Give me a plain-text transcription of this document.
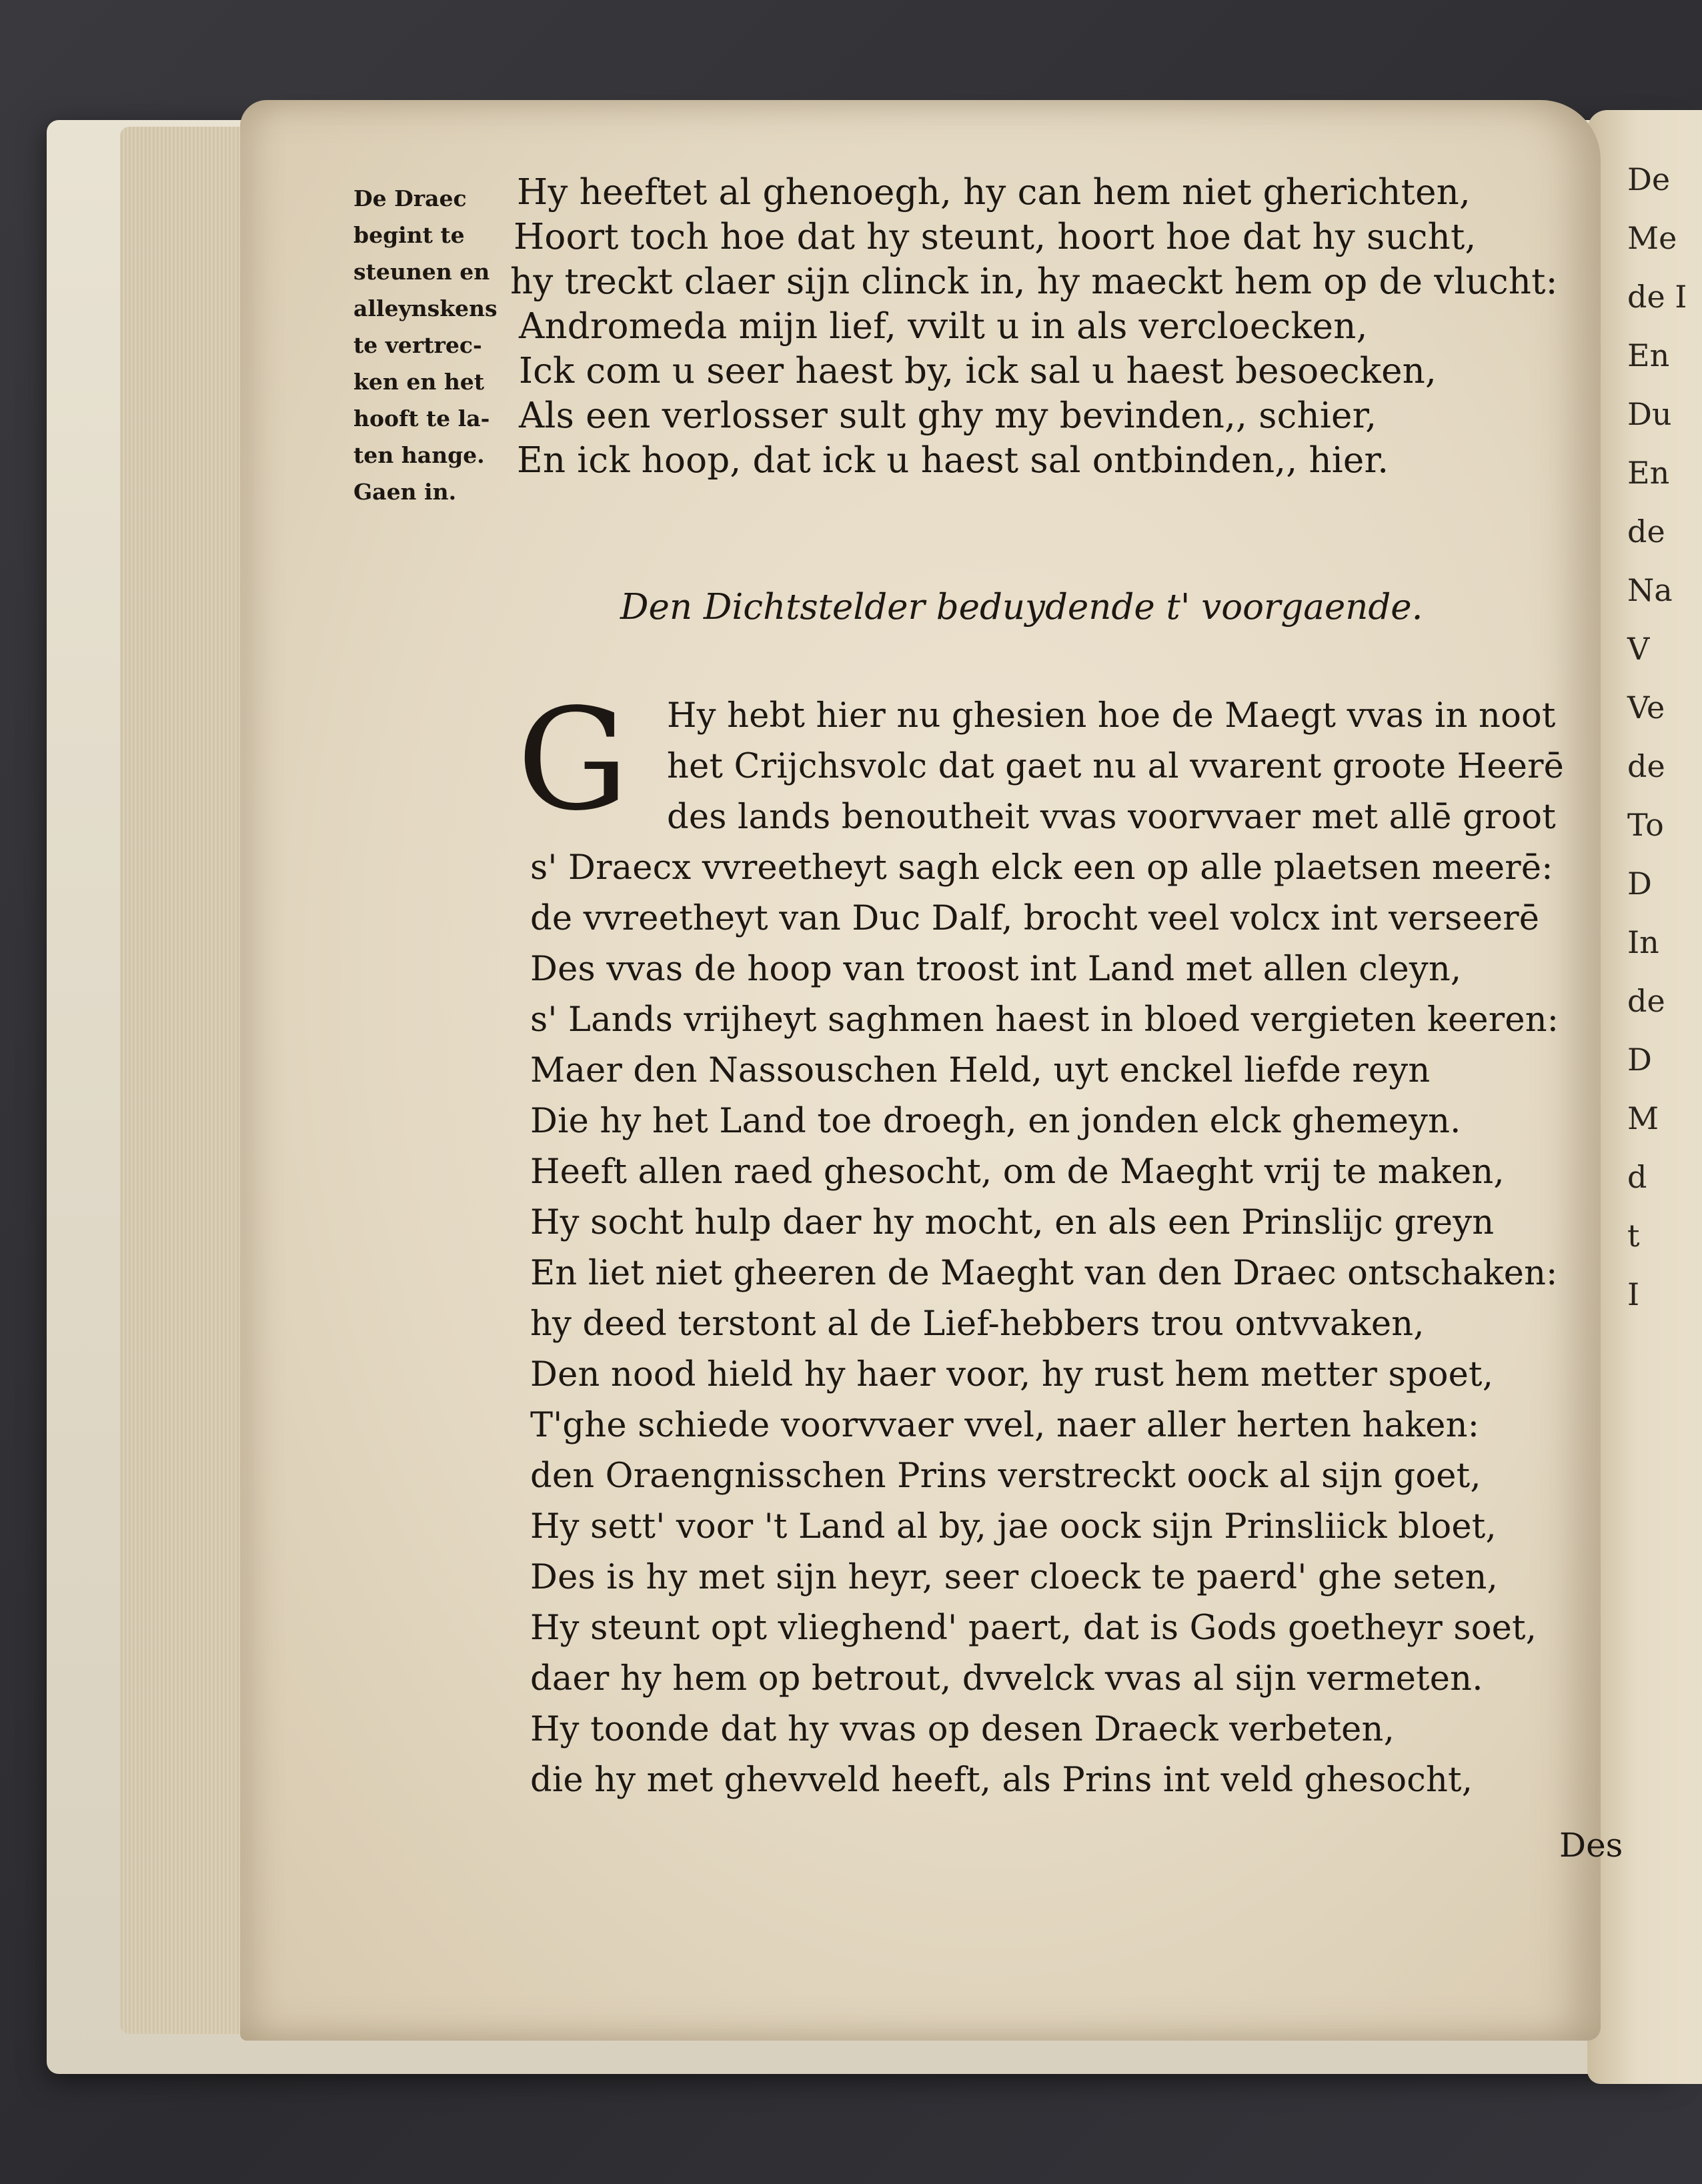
De
Me
de I
En
Du
En
de
Na
V
Ve
de
To
D
In
de
D
M
d
t
I
De Draec
begint te
steunen en
alleynskens
te vertrec-
ken en het
hooft te la-
ten hange.
Gaen in.
Hy heeftet al ghenoegh, hy can hem niet gherichten,
Hoort toch hoe dat hy steunt, hoort hoe dat hy sucht,
hy treckt claer sijn clinck in, hy maeckt hem op de vlucht:
Andromeda mijn lief, vvilt u in als vercloecken,
Ick com u seer haest by, ick sal u haest besoecken,
Als een verlosser sult ghy my bevinden,, schier,
En ick hoop, dat ick u haest sal ontbinden,, hier.
Den Dichtstelder beduydende t' voorgaende.
G Hy hebt hier nu ghesien hoe de Maegt vvas in noot
het Crijchsvolc dat gaet nu al vvarent groote Heerē
des lands benoutheit vvas voorvvaer met allē groot
s' Draecx vvreetheyt sagh elck een op alle plaetsen meerē:
de vvreetheyt van Duc Dalf, brocht veel volcx int verseerē
Des vvas de hoop van troost int Land met allen cleyn,
s' Lands vrijheyt saghmen haest in bloed vergieten keeren:
Maer den Nassouschen Held, uyt enckel liefde reyn
Die hy het Land toe droegh, en jonden elck ghemeyn.
Heeft allen raed ghesocht, om de Maeght vrij te maken,
Hy socht hulp daer hy mocht, en als een Prinslijc greyn
En liet niet gheeren de Maeght van den Draec ontschaken:
hy deed terstont al de Lief-hebbers trou ontvvaken,
Den nood hield hy haer voor, hy rust hem metter spoet,
T'ghe schiede voorvvaer vvel, naer aller herten haken:
den Oraengnisschen Prins verstreckt oock al sijn goet,
Hy sett' voor 't Land al by, jae oock sijn Prinsliick bloet,
Des is hy met sijn heyr, seer cloeck te paerd' ghe seten,
Hy steunt opt vlieghend' paert, dat is Gods goetheyr soet,
daer hy hem op betrout, dvvelck vvas al sijn vermeten.
Hy toonde dat hy vvas op desen Draeck verbeten,
die hy met ghevveld heeft, als Prins int veld ghesocht,
Des
